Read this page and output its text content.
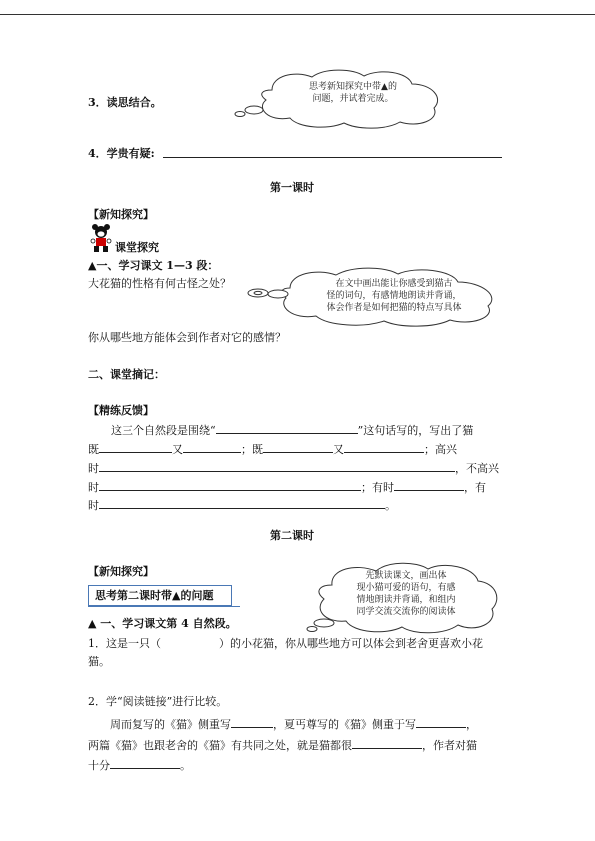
3．读思结合。
思考新知探究中带▲的
问题，并试着完成。
4．学贵有疑:
第一课时
【新知探究】
课堂探究
▲一、学习课文 1—3 段：
大花猫的性格有何古怪之处？	在文中画出能让你感受到猫古
怪的词句，有感情地朗读并背诵，
体会作者是如何把猫的特点写具体
你从哪些地方能体会到作者对它的感情？
二、课堂摘记：
【精练反馈】
这三个自然段是围绕“	”这句话写的，写出了猫
既	又	；既	又	；高兴
时	，不高兴
时	；有时	，有
时	。
第二课时
【新知探究】
思考第二课时带▲的问题
先默读课文，画出体
现小猫可爱的语句，有感
情地朗读并背诵，和组内
同学交流交流你的阅读体
▲ 一、学习课文第 4 自然段。
1．这是一只（	）的小花猫，你从哪些地方可以体会到老舍更喜欢小花
猫。
2．学“阅读链接”进行比较。
周而复写的《猫》侧重写	，夏丐尊写的《猫》侧重于写	，
两篇《猫》也跟老舍的《猫》有共同之处，就是猫都很	，作者对猫
十分	。
